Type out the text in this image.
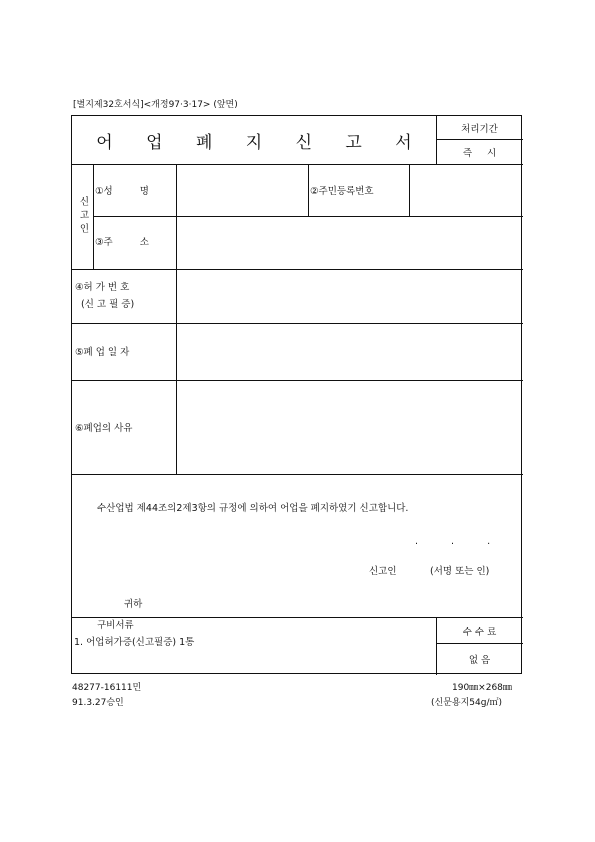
[별지제32호서식]<개정97·3·17> (앞면)
어 업 폐 지 신 고 서
처리기간
즉 시
신고인
①성 명	②주민등록번호
③주 소
④허 가 번 호
(신 고 필 증)
⑤폐 업 일 자
⑥폐업의 사유
수산업법 제44조의2제3항의 규정에 의하여 어업을 폐지하였기 신고합니다.
. . .
신고인	(서명 또는 인)
귀하
구비서류
1. 어업허가증(신고필증) 1통
수 수 료
없 음
48277-16111민
91.3.27승인
190㎜×268㎜
(신문용지54g/㎡)
